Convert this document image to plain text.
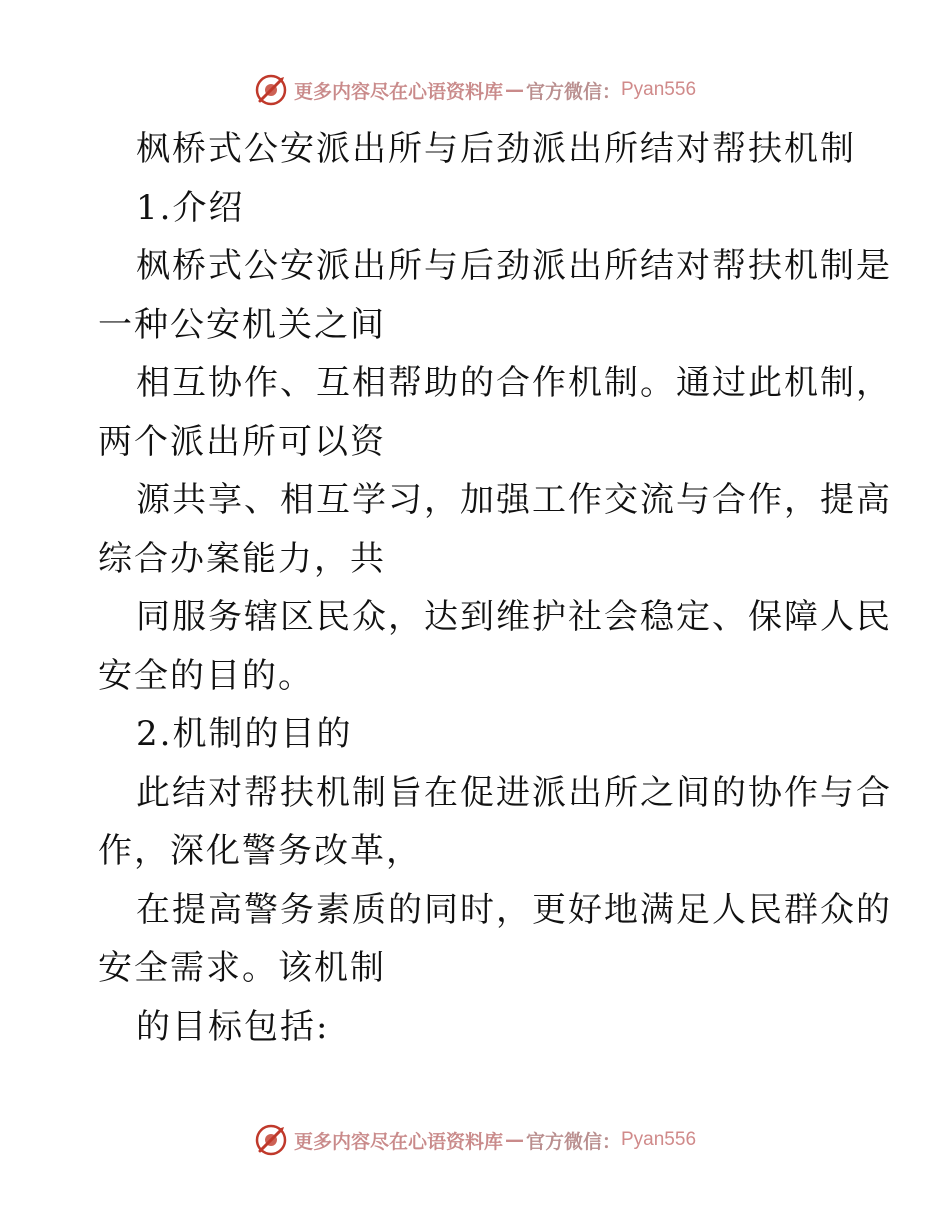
更多内容尽在心语资料库 — 官方微信： Pyan556
枫桥式公安派出所与后劲派出所结对帮扶机制
1.介绍
枫桥式公安派出所与后劲派出所结对帮扶机制是
一种公安机关之间
相互协作、互相帮助的合作机制。通过此机制，
两个派出所可以资
源共享、相互学习，加强工作交流与合作，提高
综合办案能力，共
同服务辖区民众，达到维护社会稳定、保障人民
安全的目的。
2.机制的目的
此结对帮扶机制旨在促进派出所之间的协作与合
作，深化警务改革，
在提高警务素质的同时，更好地满足人民群众的
安全需求。该机制
的目标包括:
更多内容尽在心语资料库 — 官方微信： Pyan556
